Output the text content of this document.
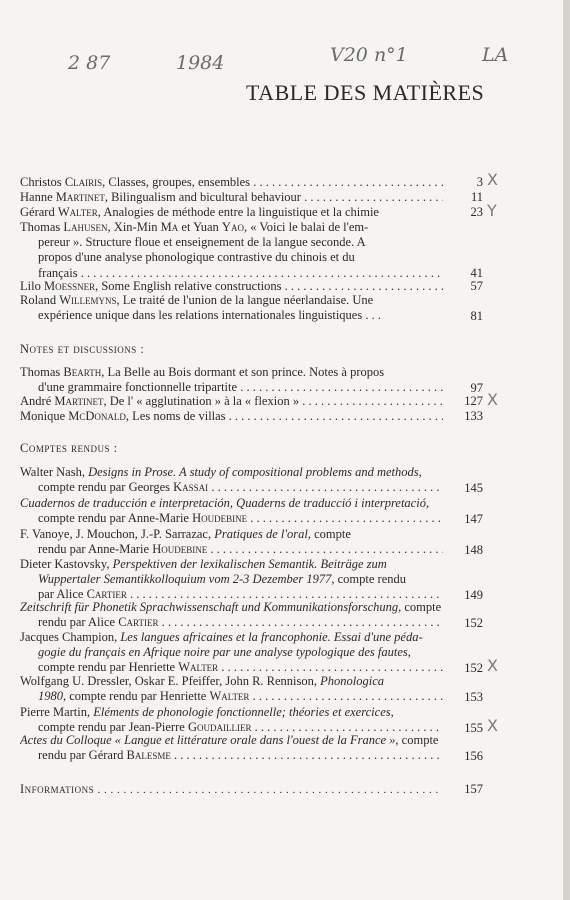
2 87	1984	V20 n°1	LA
TABLE DES MATIÈRES
Christos Clairis, Classes, groupes, ensembles . . .	3 X
Hanne Martinet, Bilingualism and bicultural behaviour . . .	11
Gérard Walter, Analogies de méthode entre la linguistique et la chimie	23 Y
Thomas Lahusen, Xin-Min Ma et Yuan Yao, « Voici le balai de l'em-
pereur ». Structure floue et enseignement de la langue seconde. A
propos d'une analyse phonologique contrastive du chinois et du
français . . .	41
Lilo Moessner, Some English relative constructions . . .	57
Roland Willemyns, Le traité de l'union de la langue néerlandaise. Une
expérience unique dans les relations internationales linguistiques . . .	81
Notes et discussions :
Thomas Bearth, La Belle au Bois dormant et son prince. Notes à propos
d'une grammaire fonctionnelle tripartite . . .	97
André Martinet, De l' « agglutination » à la « flexion » . . .	127 X
Monique McDonald, Les noms de villas . . .	133
Comptes rendus :
Walter Nash, Designs in Prose. A study of compositional problems and methods,
compte rendu par Georges Kassai . . .	145
Cuadernos de traducción e interpretación, Quaderns de traducció i interpretació,
compte rendu par Anne-Marie Houdebine . . .	147
F. Vanoye, J. Mouchon, J.-P. Sarrazac, Pratiques de l'oral, compte
rendu par Anne-Marie Houdebine . . .	148
Dieter Kastovsky, Perspektiven der lexikalischen Semantik. Beiträge zum
Wuppertaler Semantikkolloquium vom 2-3 Dezember 1977, compte rendu
par Alice Cartier . . .	149
Zeitschrift für Phonetik Sprachwissenschaft und Kommunikationsforschung, compte
rendu par Alice Cartier . . .	152
Jacques Champion, Les langues africaines et la francophonie. Essai d'une péda-
gogie du français en Afrique noire par une analyse typologique des fautes,
compte rendu par Henriette Walter . . .	152 X
Wolfgang U. Dressler, Oskar E. Pfeiffer, John R. Rennison, Phonologica
1980, compte rendu par Henriette Walter . . .	153
Pierre Martin, Eléments de phonologie fonctionnelle; théories et exercices,
compte rendu par Jean-Pierre Goudaillier . . .	155 X
Actes du Colloque « Langue et littérature orale dans l'ouest de la France », compte
rendu par Gérard Balesme . . .	156
Informations . . .	157
